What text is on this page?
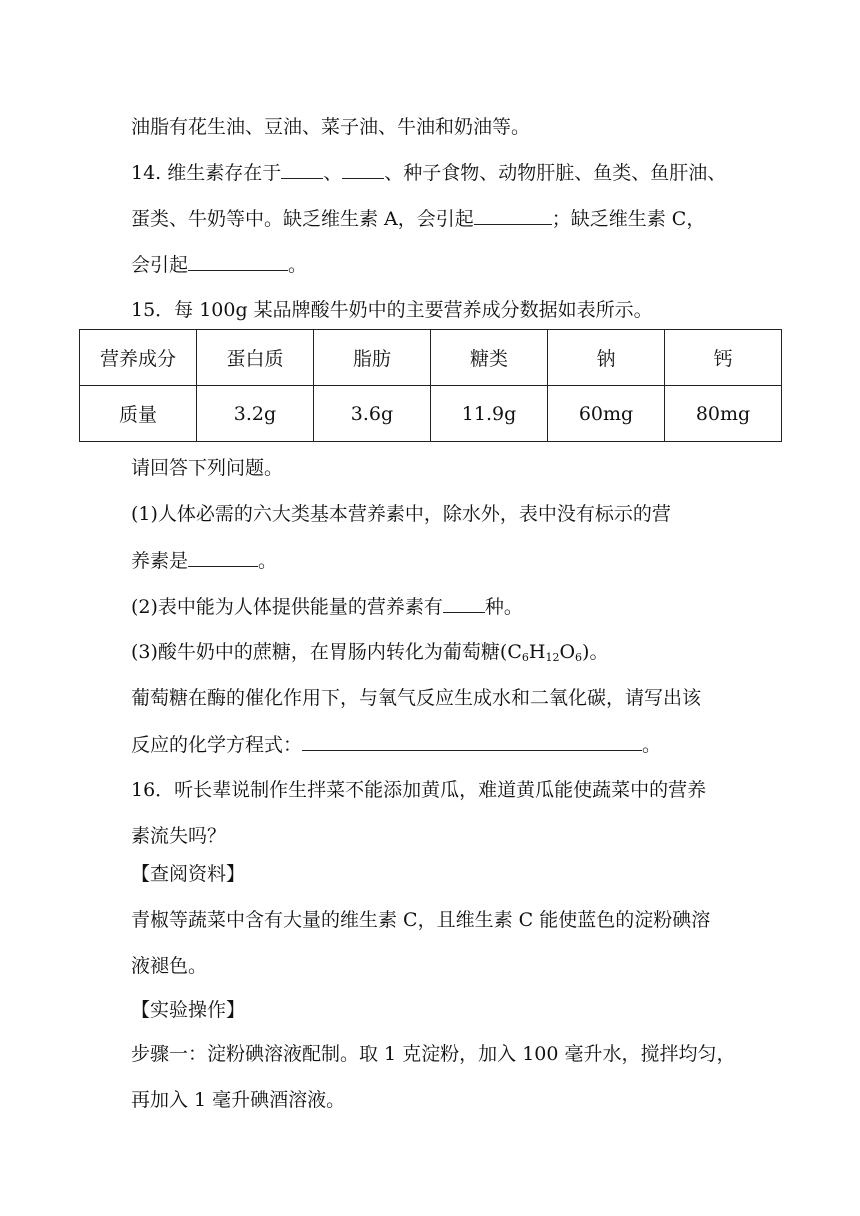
油脂有花生油、豆油、菜子油、牛油和奶油等。
14. 维生素存在于 、 、种子食物、动物肝脏、鱼类、鱼肝油、
蛋类、牛奶等中。缺乏维生素 A，会引起	；缺乏维生素 C，
会引起	。
15．每 100g 某品牌酸牛奶中的主要营养成分数据如表所示。
营养成分	蛋白质	脂肪	糖类	钠	钙
质量	3.2g	3.6g	11.9g	60mg	80mg
请回答下列问题。
(1)人体必需的六大类基本营养素中，除水外，表中没有标示的营
养素是	。
(2)表中能为人体提供能量的营养素有 种。
(3)酸牛奶中的蔗糖，在胃肠内转化为葡萄糖$(C_6H_{12}O_6)$。
葡萄糖在酶的催化作用下，与氧气反应生成水和二氧化碳，请写出该
反应的化学方程式：	。
16．听长辈说制作生拌菜不能添加黄瓜，难道黄瓜能使蔬菜中的营养
素流失吗？
【查阅资料】
青椒等蔬菜中含有大量的维生素 C，且维生素 C 能使蓝色的淀粉碘溶
液褪色。
【实验操作】
步骤一：淀粉碘溶液配制。取 1 克淀粉，加入 100 毫升水，搅拌均匀，
再加入 1 毫升碘酒溶液。
